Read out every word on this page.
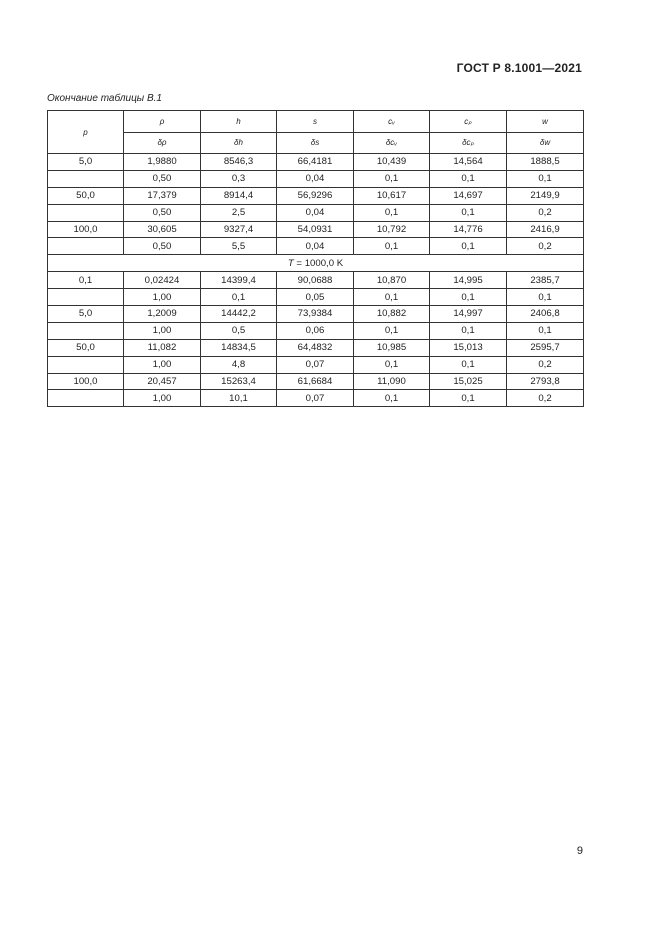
ГОСТ Р 8.1001—2021
Окончание таблицы В.1
p	ρ	h	s	cᵥ	cₚ	w
	δρ	δh	δs	δcᵥ	δcₚ	δw
5,0	1,9880	8546,3	66,4181	10,439	14,564	1888,5
	0,50	0,3	0,04	0,1	0,1	0,1
50,0	17,379	8914,4	56,9296	10,617	14,697	2149,9
	0,50	2,5	0,04	0,1	0,1	0,2
100,0	30,605	9327,4	54,0931	10,792	14,776	2416,9
	0,50	5,5	0,04	0,1	0,1	0,2
T = 1000,0 K						
0,1	0,02424	14399,4	90,0688	10,870	14,995	2385,7
	1,00	0,1	0,05	0,1	0,1	0,1
5,0	1,2009	14442,2	73,9384	10,882	14,997	2406,8
	1,00	0,5	0,06	0,1	0,1	0,1
50,0	11,082	14834,5	64,4832	10,985	15,013	2595,7
	1,00	4,8	0,07	0,1	0,1	0,2
100,0	20,457	15263,4	61,6684	11,090	15,025	2793,8
	1,00	10,1	0,07	0,1	0,1	0,2
9
